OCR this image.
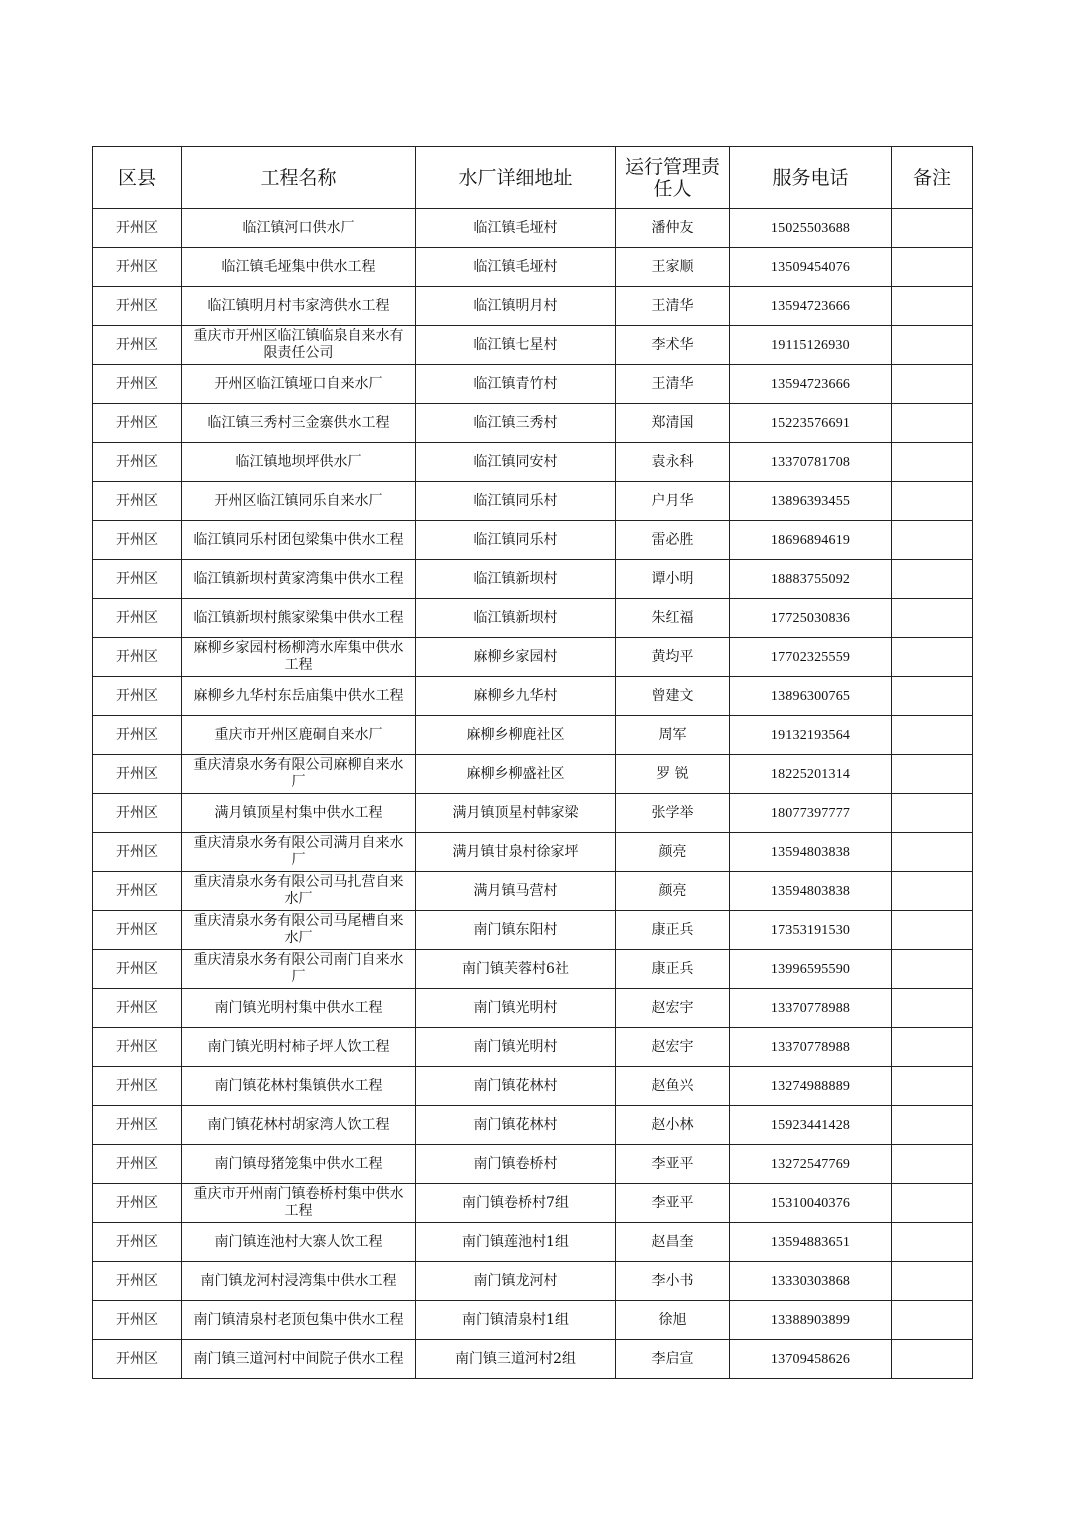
区县	工程名称	水厂详细地址	运行管理责任人	服务电话	备注
开州区	临江镇河口供水厂	临江镇毛垭村	潘仲友	15025503688	
开州区	临江镇毛垭集中供水工程	临江镇毛垭村	王家顺	13509454076	
开州区	临江镇明月村韦家湾供水工程	临江镇明月村	王清华	13594723666	
开州区	重庆市开州区临江镇临泉自来水有限责任公司	临江镇七星村	李术华	19115126930	
开州区	开州区临江镇垭口自来水厂	临江镇青竹村	王清华	13594723666	
开州区	临江镇三秀村三金寨供水工程	临江镇三秀村	郑清国	15223576691	
开州区	临江镇地坝坪供水厂	临江镇同安村	袁永科	13370781708	
开州区	开州区临江镇同乐自来水厂	临江镇同乐村	户月华	13896393455	
开州区	临江镇同乐村团包梁集中供水工程	临江镇同乐村	雷必胜	18696894619	
开州区	临江镇新坝村黄家湾集中供水工程	临江镇新坝村	谭小明	18883755092	
开州区	临江镇新坝村熊家梁集中供水工程	临江镇新坝村	朱红福	17725030836	
开州区	麻柳乡家园村杨柳湾水库集中供水工程	麻柳乡家园村	黄均平	17702325559	
开州区	麻柳乡九华村东岳庙集中供水工程	麻柳乡九华村	曾建文	13896300765	
开州区	重庆市开州区鹿硐自来水厂	麻柳乡柳鹿社区	周军	19132193564	
开州区	重庆清泉水务有限公司麻柳自来水厂	麻柳乡柳盛社区	罗 锐	18225201314	
开州区	满月镇顶星村集中供水工程	满月镇顶星村韩家梁	张学举	18077397777	
开州区	重庆清泉水务有限公司满月自来水厂	满月镇甘泉村徐家坪	颜亮	13594803838	
开州区	重庆清泉水务有限公司马扎营自来水厂	满月镇马营村	颜亮	13594803838	
开州区	重庆清泉水务有限公司马尾槽自来水厂	南门镇东阳村	康正兵	17353191530	
开州区	重庆清泉水务有限公司南门自来水厂	南门镇芙蓉村6社	康正兵	13996595590	
开州区	南门镇光明村集中供水工程	南门镇光明村	赵宏宇	13370778988	
开州区	南门镇光明村柿子坪人饮工程	南门镇光明村	赵宏宇	13370778988	
开州区	南门镇花林村集镇供水工程	南门镇花林村	赵鱼兴	13274988889	
开州区	南门镇花林村胡家湾人饮工程	南门镇花林村	赵小林	15923441428	
开州区	南门镇母猪笼集中供水工程	南门镇卷桥村	李亚平	13272547769	
开州区	重庆市开州南门镇卷桥村集中供水工程	南门镇卷桥村7组	李亚平	15310040376	
开州区	南门镇连池村大寨人饮工程	南门镇莲池村1组	赵昌奎	13594883651	
开州区	南门镇龙河村浸湾集中供水工程	南门镇龙河村	李小书	13330303868	
开州区	南门镇清泉村老顶包集中供水工程	南门镇清泉村1组	徐旭	13388903899	
开州区	南门镇三道河村中间院子供水工程	南门镇三道河村2组	李启宣	13709458626	
